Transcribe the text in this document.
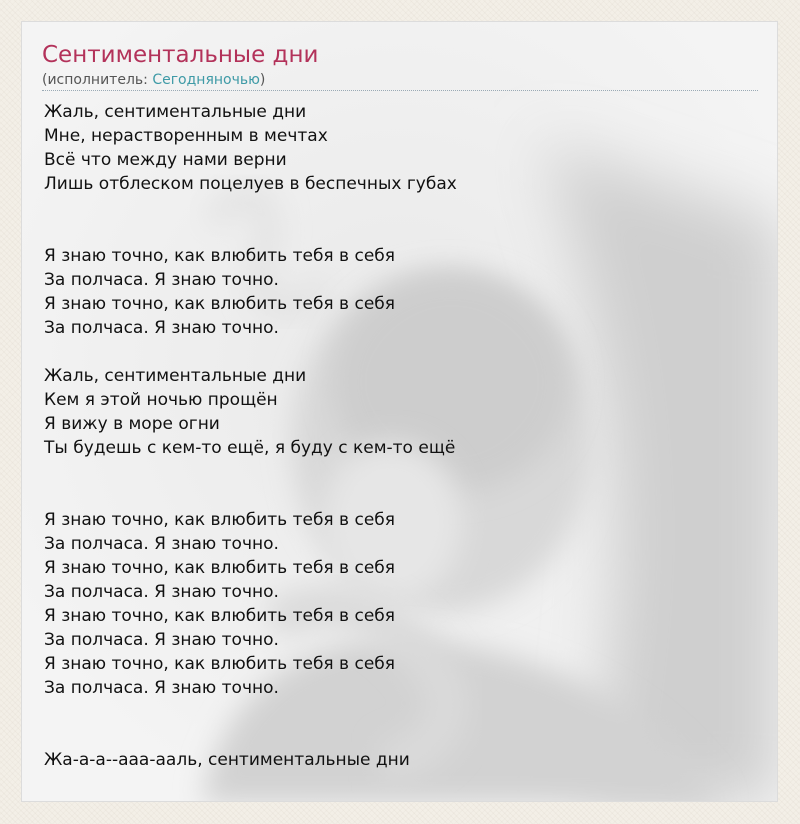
Сентиментальные дни
(исполнитель: Сегодняночью)
Жаль, сентиментальные дни
Мне, нерастворенным в мечтах
Всё что между нами верни
Лишь отблеском поцелуев в беспечных губах
Я знаю точно, как влюбить тебя в себя
За полчаса. Я знаю точно.
Я знаю точно, как влюбить тебя в себя
За полчаса. Я знаю точно.
Жаль, сентиментальные дни
Кем я этой ночью прощён
Я вижу в море огни
Ты будешь с кем-то ещё, я буду с кем-то ещё
Я знаю точно, как влюбить тебя в себя
За полчаса. Я знаю точно.
Я знаю точно, как влюбить тебя в себя
За полчаса. Я знаю точно.
Я знаю точно, как влюбить тебя в себя
За полчаса. Я знаю точно.
Я знаю точно, как влюбить тебя в себя
За полчаса. Я знаю точно.
Жа-а-а--ааа-ааль, сентиментальные дни
